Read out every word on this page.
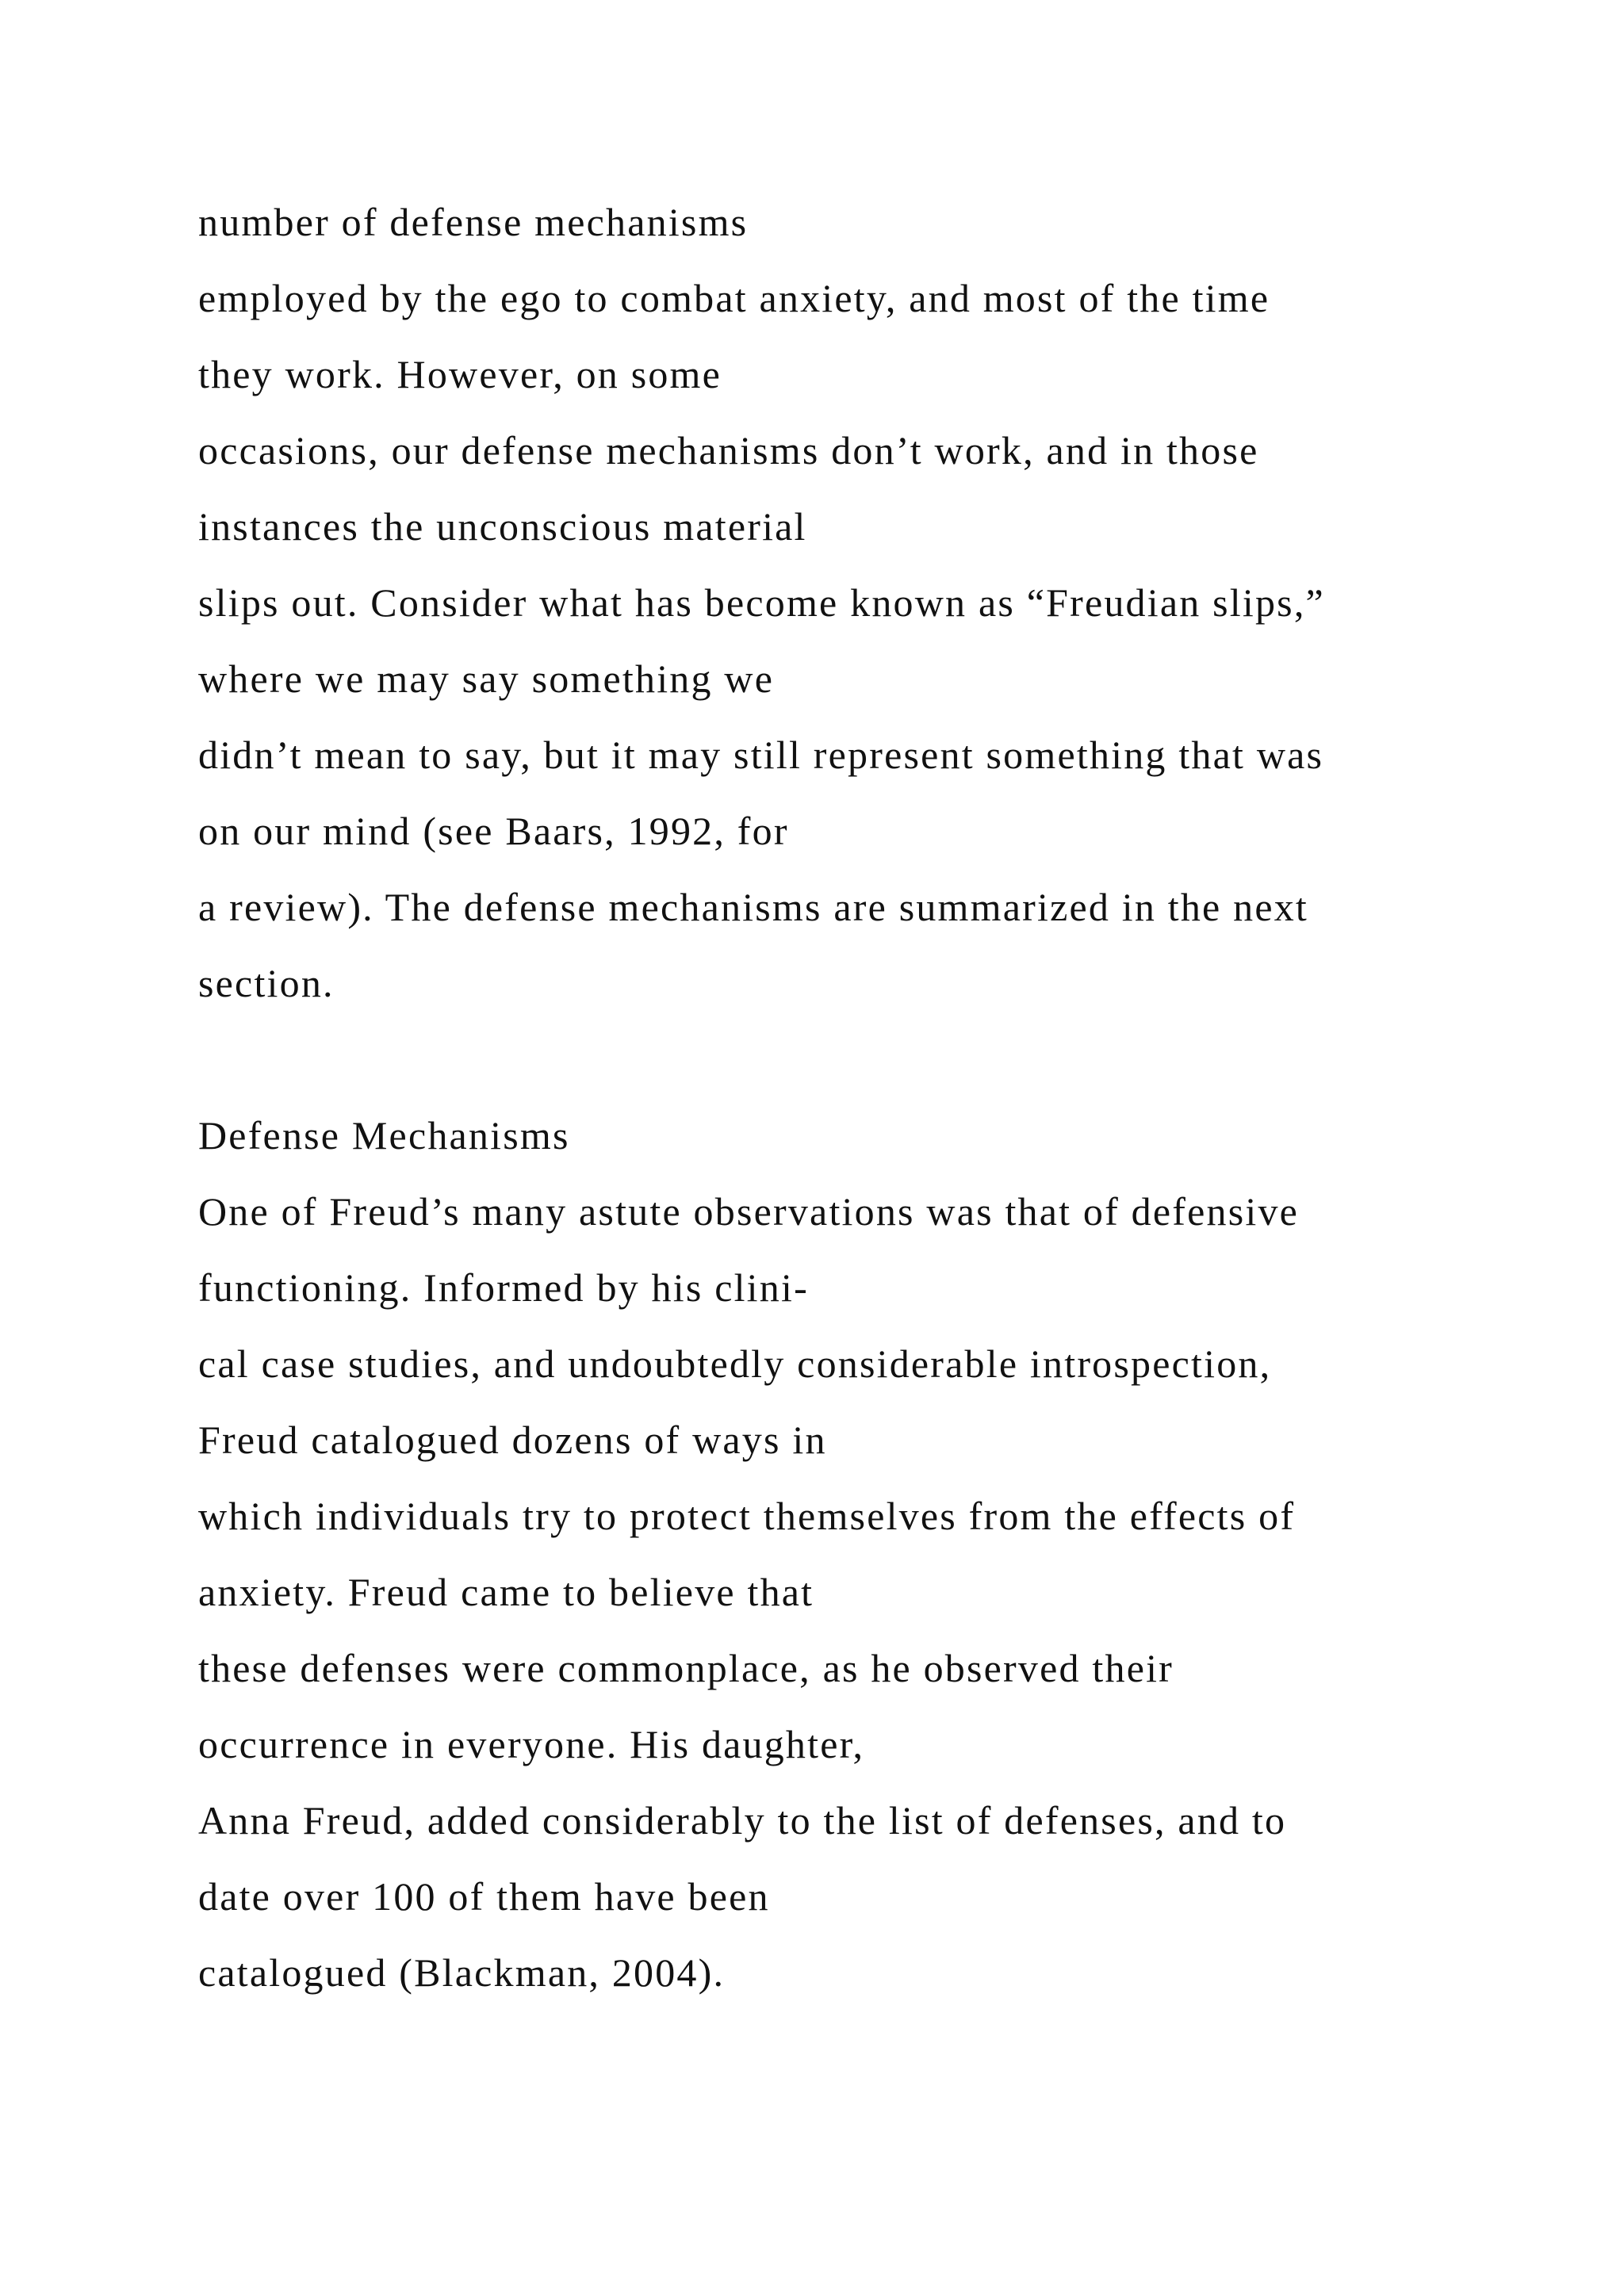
number of defense mechanisms
employed by the ego to combat anxiety, and most of the time
they work. However, on some
occasions, our defense mechanisms don’t work, and in those
instances the unconscious material
slips out. Consider what has become known as “Freudian slips,”
where we may say something we
didn’t mean to say, but it may still represent something that was
on our mind (see Baars, 1992, for
a review). The defense mechanisms are summarized in the next
section.
Defense Mechanisms
One of Freud’s many astute observations was that of defensive
functioning. Informed by his clini-
cal case studies, and undoubtedly considerable introspection,
Freud catalogued dozens of ways in
which individuals try to protect themselves from the effects of
anxiety. Freud came to believe that
these defenses were commonplace, as he observed their
occurrence in everyone. His daughter,
Anna Freud, added considerably to the list of defenses, and to
date over 100 of them have been
catalogued (Blackman, 2004).
